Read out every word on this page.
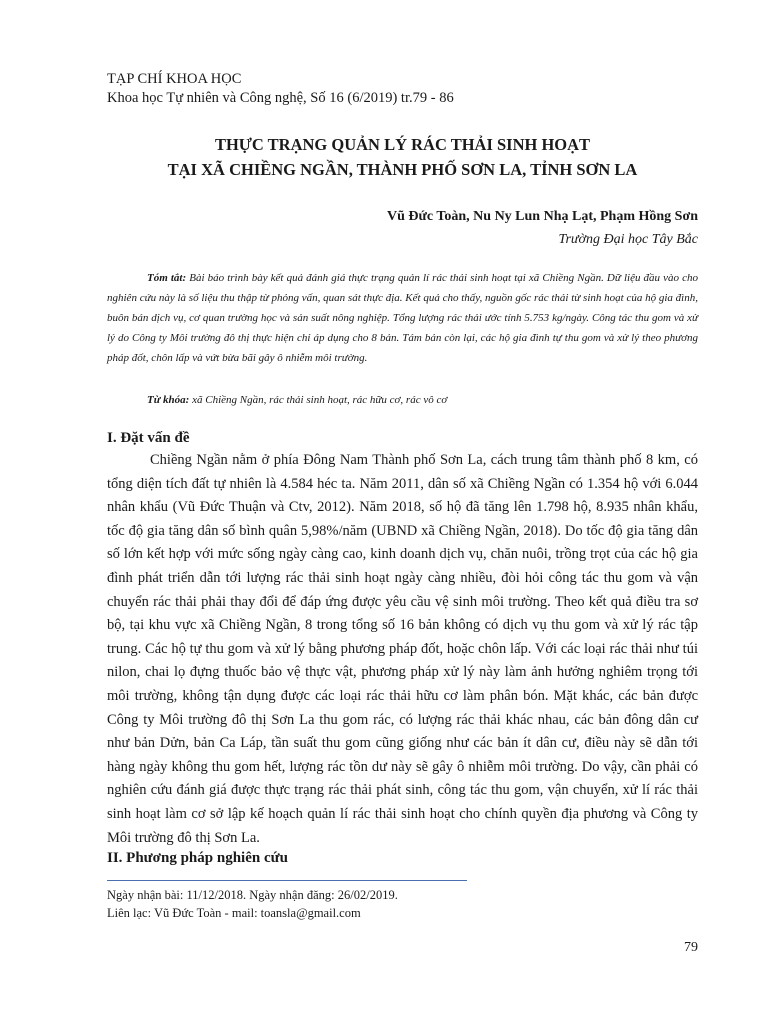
TẠP CHÍ KHOA HỌC
Khoa học Tự nhiên và Công nghệ, Số 16 (6/2019) tr.79 - 86
THỰC TRẠNG QUẢN LÝ RÁC THẢI SINH HOẠT
TẠI XÃ CHIỀNG NGẦN, THÀNH PHỐ SƠN LA, TỈNH SƠN LA
Vũ Đức Toàn, Nu Ny Lun Nhạ Lạt, Phạm Hồng Sơn
Trường Đại học Tây Bắc
Tóm tắt: Bài báo trình bày kết quả đánh giá thực trạng quản lí rác thải sinh hoạt tại xã Chiềng Ngần. Dữ liệu đầu vào cho nghiên cứu này là số liệu thu thập từ phỏng vấn, quan sát thực địa. Kết quả cho thấy, nguồn gốc rác thải từ sinh hoạt của hộ gia đình, buôn bán dịch vụ, cơ quan trường học và sản suất nông nghiệp. Tổng lượng rác thải ước tính 5.753 kg/ngày. Công tác thu gom và xử lý do Công ty Môi trường đô thị thực hiện chỉ áp dụng cho 8 bản. Tám bản còn lại, các hộ gia đình tự thu gom và xử lý theo phương pháp đốt, chôn lấp và vứt bừa bãi gây ô nhiễm môi trường.
Từ khóa: xã Chiềng Ngần, rác thải sinh hoạt, rác hữu cơ, rác vô cơ
I. Đặt vấn đề
Chiềng Ngần nằm ở phía Đông Nam Thành phố Sơn La, cách trung tâm thành phố 8 km, có tổng diện tích đất tự nhiên là 4.584 héc ta. Năm 2011, dân số xã Chiềng Ngần có 1.354 hộ với 6.044 nhân khẩu (Vũ Đức Thuận và Ctv, 2012). Năm 2018, số hộ đã tăng lên 1.798 hộ, 8.935 nhân khẩu, tốc độ gia tăng dân số bình quân 5,98%/năm (UBND xã Chiềng Ngần, 2018). Do tốc độ gia tăng dân số lớn kết hợp với mức sống ngày càng cao, kinh doanh dịch vụ, chăn nuôi, trồng trọt của các hộ gia đình phát triển dẫn tới lượng rác thải sinh hoạt ngày càng nhiều, đòi hỏi công tác thu gom và vận chuyển rác thải phải thay đổi để đáp ứng được yêu cầu vệ sinh môi trường. Theo kết quả điều tra sơ bộ, tại khu vực xã Chiềng Ngần, 8 trong tổng số 16 bản không có dịch vụ thu gom và xử lý rác tập trung. Các hộ tự thu gom và xử lý bằng phương pháp đốt, hoặc chôn lấp. Với các loại rác thải như túi nilon, chai lọ đựng thuốc bảo vệ thực vật, phương pháp xử lý này làm ảnh hưởng nghiêm trọng tới môi trường, không tận dụng được các loại rác thải hữu cơ làm phân bón. Mặt khác, các bản được Công ty Môi trường đô thị Sơn La thu gom rác, có lượng rác thải khác nhau, các bản đông dân cư như bản Dửn, bản Ca Láp, tần suất thu gom cũng giống như các bản ít dân cư, điều này sẽ dẫn tới hàng ngày không thu gom hết, lượng rác tồn dư này sẽ gây ô nhiễm môi trường. Do vậy, cần phải có nghiên cứu đánh giá được thực trạng rác thải phát sinh, công tác thu gom, vận chuyển, xử lí rác thải sinh hoạt làm cơ sở lập kế hoạch quản lí rác thải sinh hoạt cho chính quyền địa phương và Công ty Môi trường đô thị Sơn La.
II. Phương pháp nghiên cứu
Ngày nhận bài: 11/12/2018. Ngày nhận đăng: 26/02/2019.
Liên lạc: Vũ Đức Toàn - mail: toansla@gmail.com
79
